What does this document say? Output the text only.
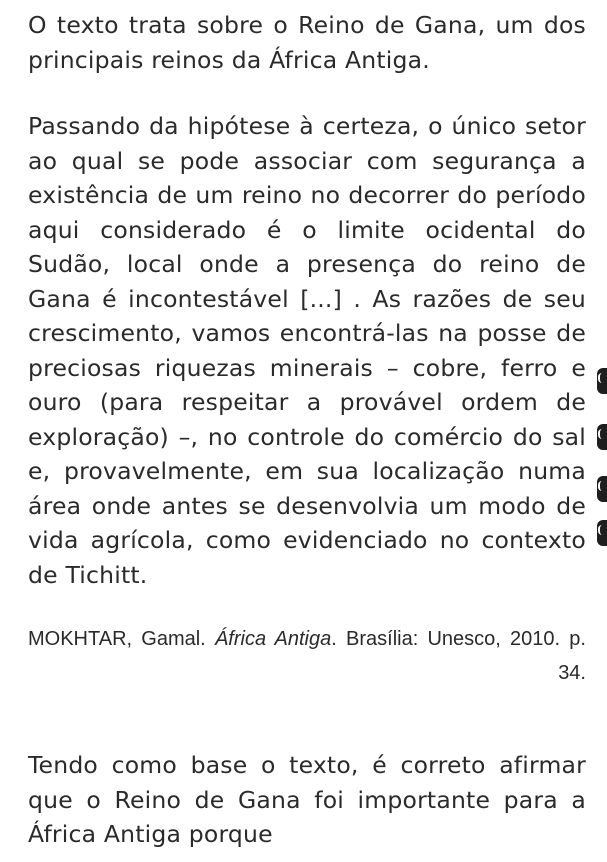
O texto trata sobre o Reino de Gana, um dos principais reinos da África Antiga.

Passando da hipótese à certeza, o único setor ao qual se pode associar com segurança a existência de um reino no decorrer do período aqui considerado é o limite ocidental do Sudão, local onde a presença do reino de Gana é incontestável [...] . As razões de seu crescimento, vamos encontrá-las na posse de preciosas riquezas minerais – cobre, ferro e ouro (para respeitar a provável ordem de exploração) –, no controle do comércio do sal e, provavelmente, em sua localização numa área onde antes se desenvolvia um modo de vida agrícola, como evidenciado no contexto de Tichitt.

MOKHTAR, Gamal. África Antiga. Brasília: Unesco, 2010. p. 34.

Tendo como base o texto, é correto afirmar que o Reino de Gana foi importante para a África Antiga porque
